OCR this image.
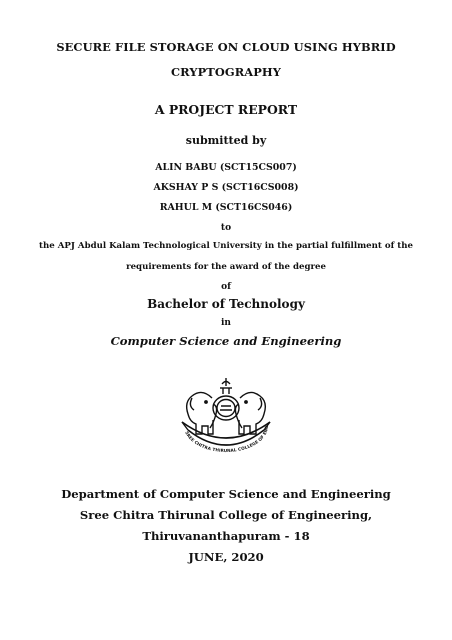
SECURE FILE STORAGE ON CLOUD USING HYBRID
CRYPTOGRAPHY
A PROJECT REPORT
submitted by
ALIN BABU (SCT15CS007)
AKSHAY P S (SCT16CS008)
RAHUL M (SCT16CS046)
to
the APJ Abdul Kalam Technological University in the partial fulfillment of the
requirements for the award of the degree
of
Bachelor of Technology
in
Computer Science and Engineering
SREE CHITRA THIRUNAL COLLEGE OF ENG
Department of Computer Science and Engineering
Sree Chitra Thirunal College of Engineering,
Thiruvananthapuram - 18
JUNE, 2020
